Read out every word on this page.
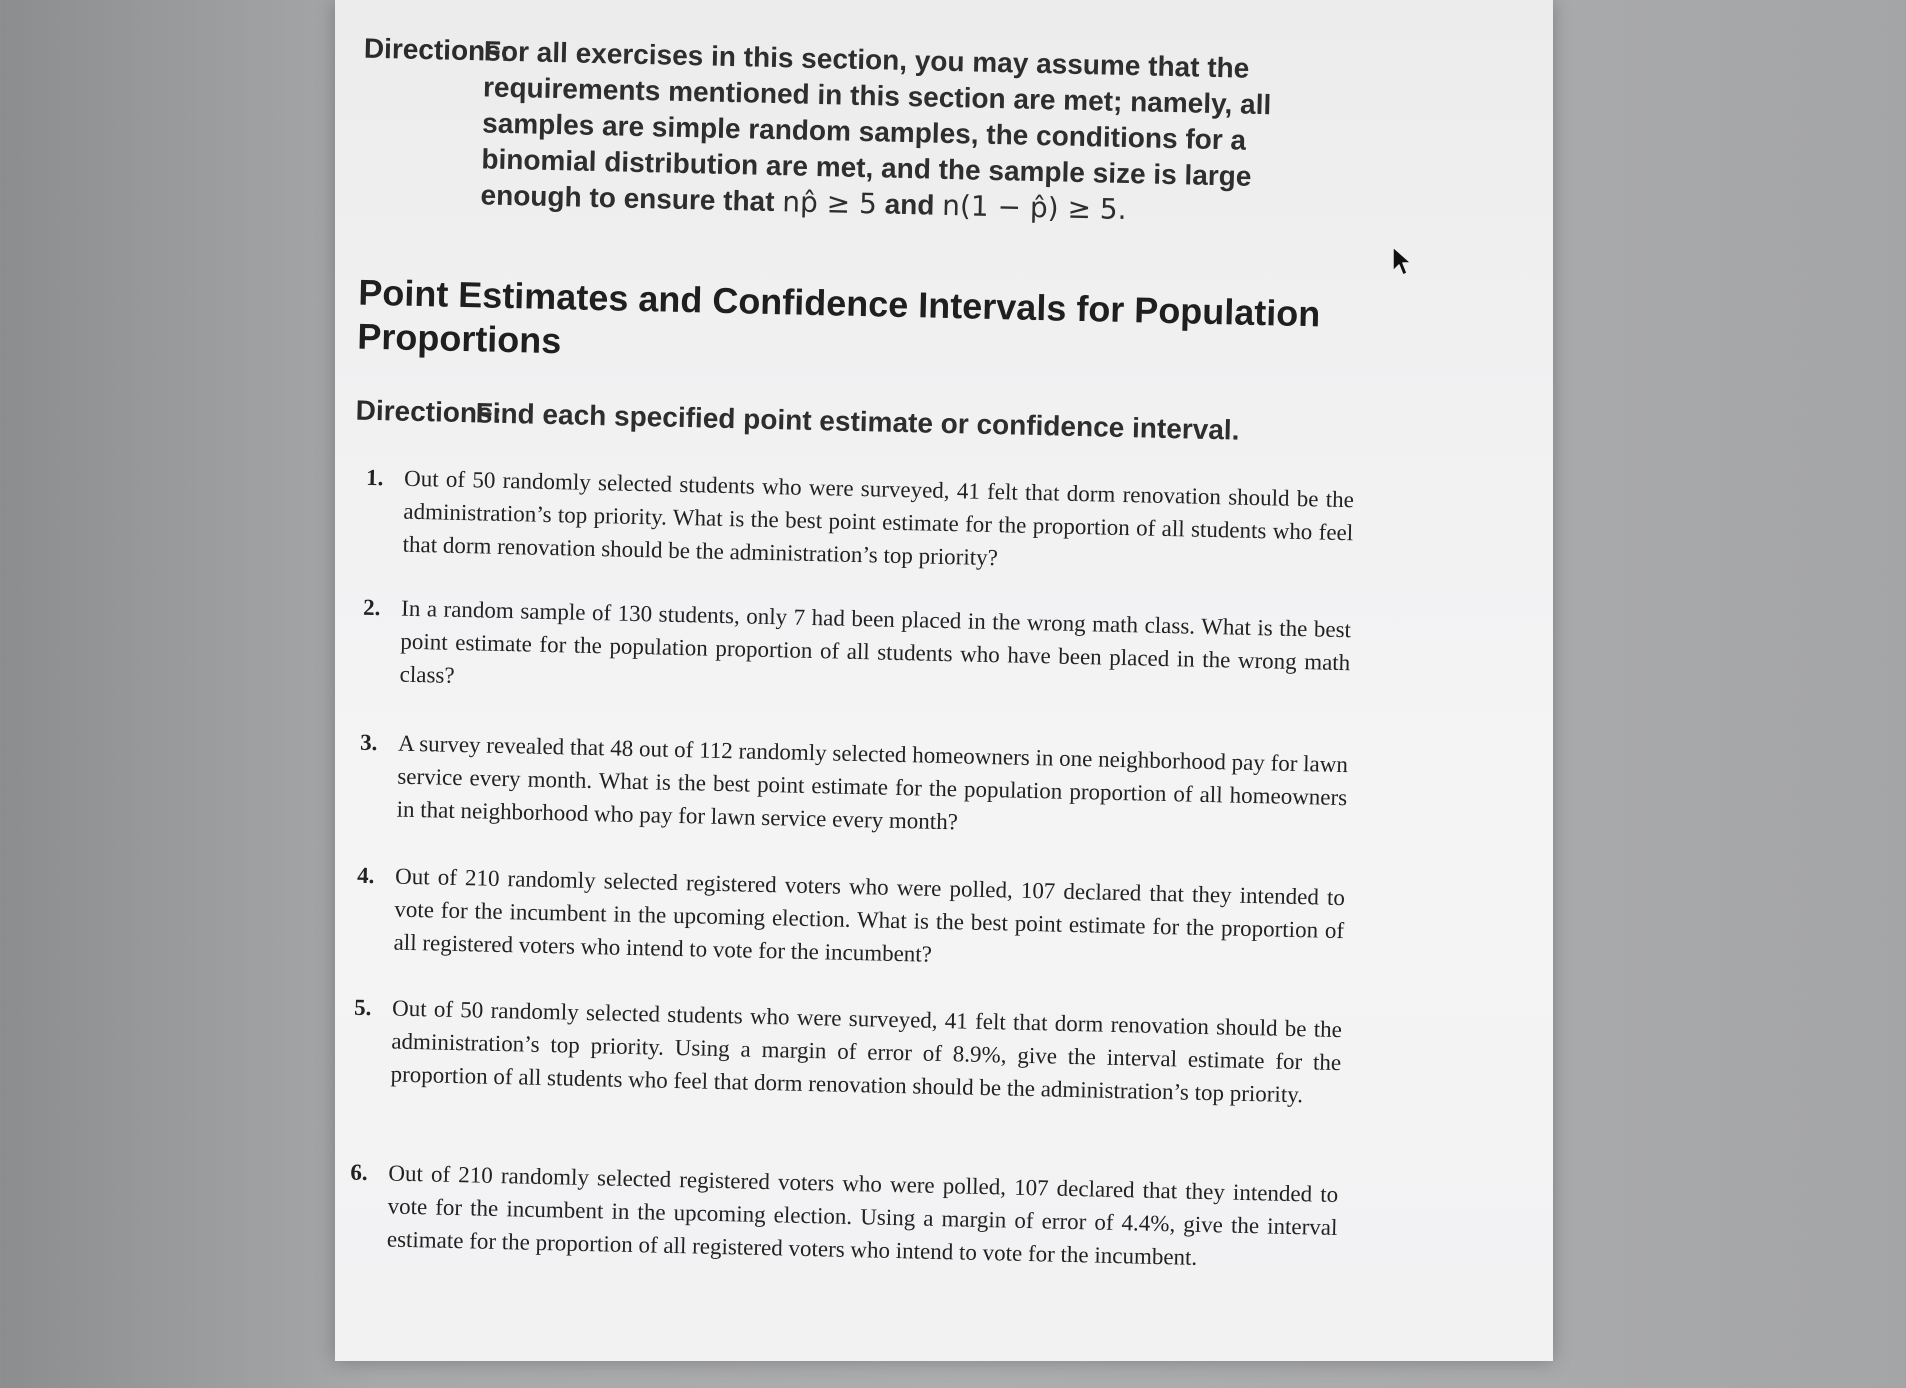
Directions:
For all exercises in this section, you may assume that the requirements mentioned in this section are met; namely, all samples are simple random samples, the conditions for a binomial distribution are met, and the sample size is large enough to ensure that np̂ ≥ 5 and n(1 − p̂) ≥ 5.
Point Estimates and Confidence Intervals for Population Proportions
Directions:
Find each specified point estimate or confidence interval.
1. Out of 50 randomly selected students who were surveyed, 41 felt that dorm renovation should be the administration’s top priority. What is the best point estimate for the proportion of all students who feel that dorm renovation should be the administration’s top priority?
2. In a random sample of 130 students, only 7 had been placed in the wrong math class. What is the best point estimate for the population proportion of all students who have been placed in the wrong math class?
3. A survey revealed that 48 out of 112 randomly selected homeowners in one neighborhood pay for lawn service every month. What is the best point estimate for the population proportion of all homeowners in that neighborhood who pay for lawn service every month?
4. Out of 210 randomly selected registered voters who were polled, 107 declared that they intended to vote for the incumbent in the upcoming election. What is the best point estimate for the proportion of all registered voters who intend to vote for the incumbent?
5. Out of 50 randomly selected students who were surveyed, 41 felt that dorm renovation should be the administration’s top priority. Using a margin of error of 8.9%, give the interval estimate for the proportion of all students who feel that dorm renovation should be the administration’s top priority.
6. Out of 210 randomly selected registered voters who were polled, 107 declared that they intended to vote for the incumbent in the upcoming election. Using a margin of error of 4.4%, give the interval estimate for the proportion of all registered voters who intend to vote for the incumbent.
